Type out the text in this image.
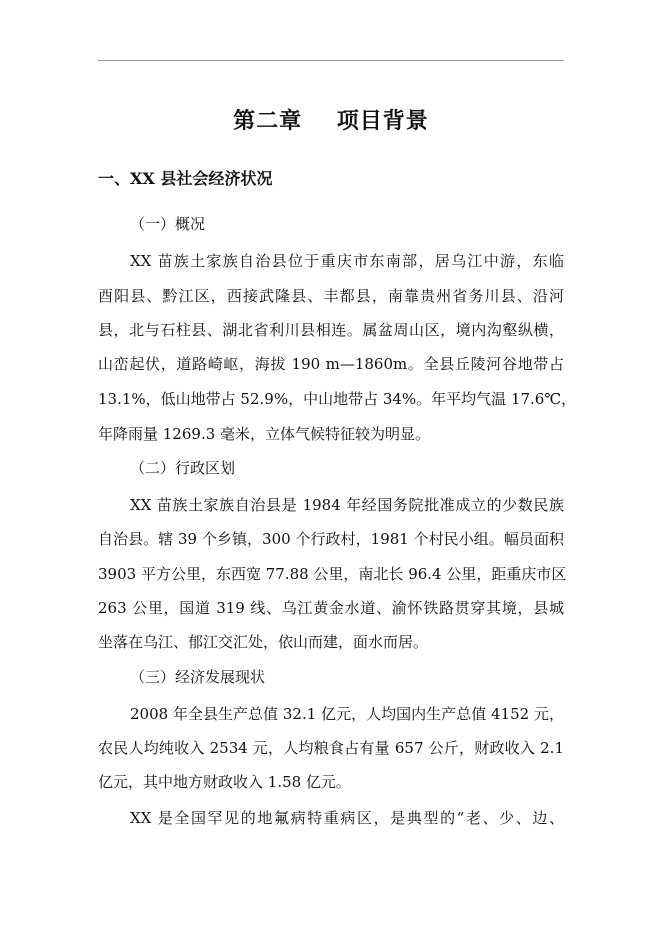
第二章    项目背景
一、XX 县社会经济状况
（一）概况
XX 苗族土家族自治县位于重庆市东南部，居乌江中游，东临
酉阳县、黔江区，西接武隆县、丰都县，南靠贵州省务川县、沿河
县，北与石柱县、湖北省利川县相连。属盆周山区，境内沟壑纵横，
山峦起伏，道路崎岖，海拔 190 m—1860m。全县丘陵河谷地带占
13.1%，低山地带占 52.9%，中山地带占 34%。年平均气温 17.6℃，
年降雨量 1269.3 毫米，立体气候特征较为明显。
（二）行政区划
XX 苗族土家族自治县是 1984 年经国务院批准成立的少数民族
自治县。辖 39 个乡镇，300 个行政村，1981 个村民小组。幅员面积
3903 平方公里，东西宽 77.88 公里，南北长 96.4 公里，距重庆市区
263 公里，国道 319 线、乌江黄金水道、渝怀铁路贯穿其境，县城
坐落在乌江、郁江交汇处，依山而建，面水而居。
（三）经济发展现状
2008 年全县生产总值 32.1 亿元，人均国内生产总值 4152 元，
农民人均纯收入 2534 元，人均粮食占有量 657 公斤，财政收入 2.1
亿元，其中地方财政收入 1.58 亿元。
XX 是全国罕见的地氟病特重病区，是典型的“老、少、边、
